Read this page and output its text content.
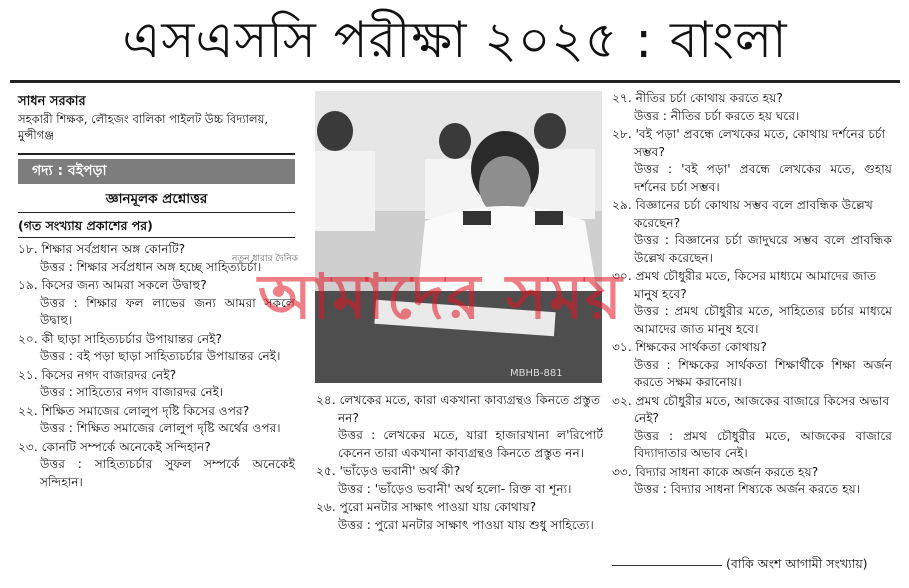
এসএসসি পরীক্ষা ২০২৫ : বাংলা
সাধন সরকার
সহকারী শিক্ষক, লৌহজং বালিকা পাইলট উচ্চ বিদ্যালয়, মুন্সীগঞ্জ
গদ্য : বইপড়া
জ্ঞানমূলক প্রশ্নোত্তর
(গত সংখ্যায় প্রকাশের পর)
১৮. শিক্ষার সর্বপ্রধান অঙ্গ কোনটি?
উত্তর : শিক্ষার সর্বপ্রধান অঙ্গ হচ্ছে সাহিত্যচর্চা।
১৯. কিসের জন্য আমরা সকলে উদ্বাহু?
উত্তর : শিক্ষার ফল লাভের জন্য আমরা সকলে উদ্বাহু।
২০. কী ছাড়া সাহিত্যচর্চার উপায়ান্তর নেই?
উত্তর : বই পড়া ছাড়া সাহিত্যচর্চার উপায়ান্তর নেই।
২১. কিসের নগদ বাজারদর নেই?
উত্তর : সাহিত্যের নগদ বাজারদর নেই।
২২. শিক্ষিত সমাজের লোলুপ দৃষ্টি কিসের ওপর?
উত্তর : শিক্ষিত সমাজের লোলুপ দৃষ্টি অর্থের ওপর।
২৩. কোনটি সম্পর্কে অনেকেই সন্দিহান?
উত্তর : সাহিত্যচর্চার সুফল সম্পর্কে অনেকেই সন্দিহান।
MBHB-881
২৪. লেখকের মতে, কারা একখানা কাব্যগ্রন্থও কিনতে প্রস্তুত নন?
উত্তর : লেখকের মতে, যারা হাজারখানা ল'রিপোর্ট কেনেন তারা একখানা কাব্যগ্রন্থও কিনতে প্রস্তুত নন।
২৫. 'ভাঁড়েও ভবানী' অর্থ কী?
উত্তর : 'ভাঁড়েও ভবানী' অর্থ হলো- রিক্ত বা শূন্য।
২৬. পুরো মনটার সাক্ষাৎ পাওয়া যায় কোথায়?
উত্তর : পুরো মনটার সাক্ষাৎ পাওয়া যায় শুধু সাহিত্যে।
২৭. নীতির চর্চা কোথায় করতে হয়?
উত্তর : নীতির চর্চা করতে হয় ঘরে।
২৮. 'বই পড়া' প্রবন্ধে লেখকের মতে, কোথায় দর্শনের চর্চা সম্ভব?
উত্তর : 'বই পড়া' প্রবন্ধে লেখকের মতে, গুহায় দর্শনের চর্চা সম্ভব।
২৯. বিজ্ঞানের চর্চা কোথায় সম্ভব বলে প্রাবন্ধিক উল্লেখ করেছেন?
উত্তর : বিজ্ঞানের চর্চা জাদুঘরে সম্ভব বলে প্রাবন্ধিক উল্লেখ করেছেন।
৩০. প্রমথ চৌধুরীর মতে, কিসের মাধ্যমে আমাদের জাত মানুষ হবে?
উত্তর : প্রমথ চৌধুরীর মতে, সাহিত্যের চর্চার মাধ্যমে আমাদের জাত মানুষ হবে।
৩১. শিক্ষকের সার্থকতা কোথায়?
উত্তর : শিক্ষকের সার্থকতা শিক্ষার্থীকে শিক্ষা অর্জন করতে সক্ষম করানোয়।
৩২. প্রমথ চৌধুরীর মতে, আজকের বাজারে কিসের অভাব নেই?
উত্তর : প্রমথ চৌধুরীর মতে, আজকের বাজারে বিদ্যাদাতার অভাব নেই।
৩৩. বিদ্যার সাধনা কাকে অর্জন করতে হয়?
উত্তর : বিদ্যার সাধনা শিষ্যকে অর্জন করতে হয়।
নতুন ধারার দৈনিক
আমাদের সময়
(বাকি অংশ আগামী সংখ্যায়)
